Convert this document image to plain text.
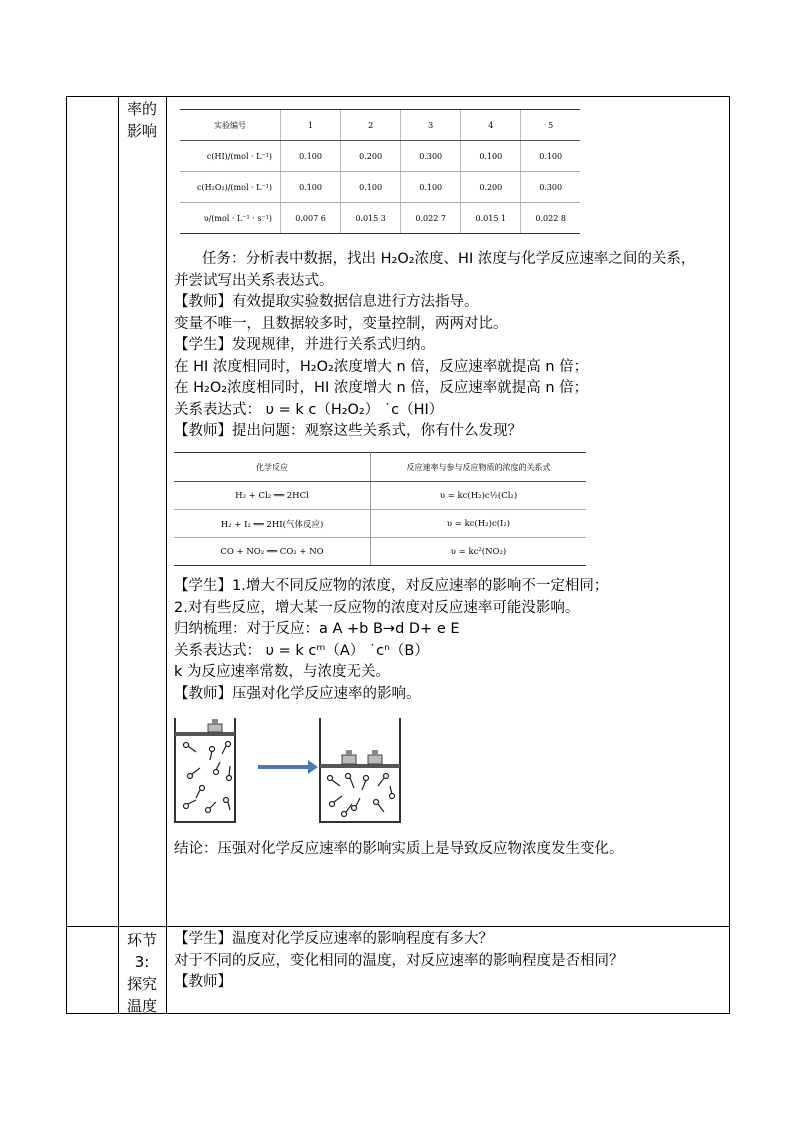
率的
影响	实验编号	1	2	3	4	5
c(HI)/(mol · L⁻¹)	0.100	0.200	0.300	0.100	0.100
c(H₂O₂)/(mol · L⁻¹)	0.100	0.100	0.100	0.200	0.300
υ/(mol · L⁻¹ · s⁻¹)	0.007 6	0.015 3	0.022 7	0.015 1	0.022 8

任务：分析表中数据，找出 H₂O₂浓度、HI 浓度与化学反应速率之间的关系，

并尝试写出关系表达式。

【教师】有效提取实验数据信息进行方法指导。

变量不唯一，且数据较多时，变量控制，两两对比。

【学生】发现规律，并进行关系式归纳。

在 HI 浓度相同时，H₂O₂浓度增大 n 倍，反应速率就提高 n 倍；

在 H₂O₂浓度相同时，HI 浓度增大 n 倍，反应速率就提高 n 倍；

关系表达式： υ = k c（H₂O₂） ˙c（HI）

【教师】提出问题：观察这些关系式，你有什么发现？

化学反应	反应速率与参与反应物质的浓度的关系式
H₂ + Cl₂ ══ 2HCl	υ = kc(H₂)c½(Cl₂)
H₂ + I₂ ══ 2HI(气体反应)	υ = kc(H₂)c(I₂)
CO + NO₂ ══ CO₂ + NO	υ = kc²(NO₂)

【学生】1.增大不同反应物的浓度，对反应速率的影响不一定相同；

2.对有些反应，增大某一反应物的浓度对反应速率可能没影响。

归纳梳理：对于反应：a A +b B→d D+ e E

关系表达式： υ = k cᵐ（A） ˙cⁿ（B）

k 为反应速率常数，与浓度无关。

【教师】压强对化学反应速率的影响。

结论：压强对化学反应速率的影响实质上是导致反应物浓度发生变化。

环节
3:
探究
温度

【学生】温度对化学反应速率的影响程度有多大？

对于不同的反应，变化相同的温度，对反应速率的影响程度是否相同？

【教师】
